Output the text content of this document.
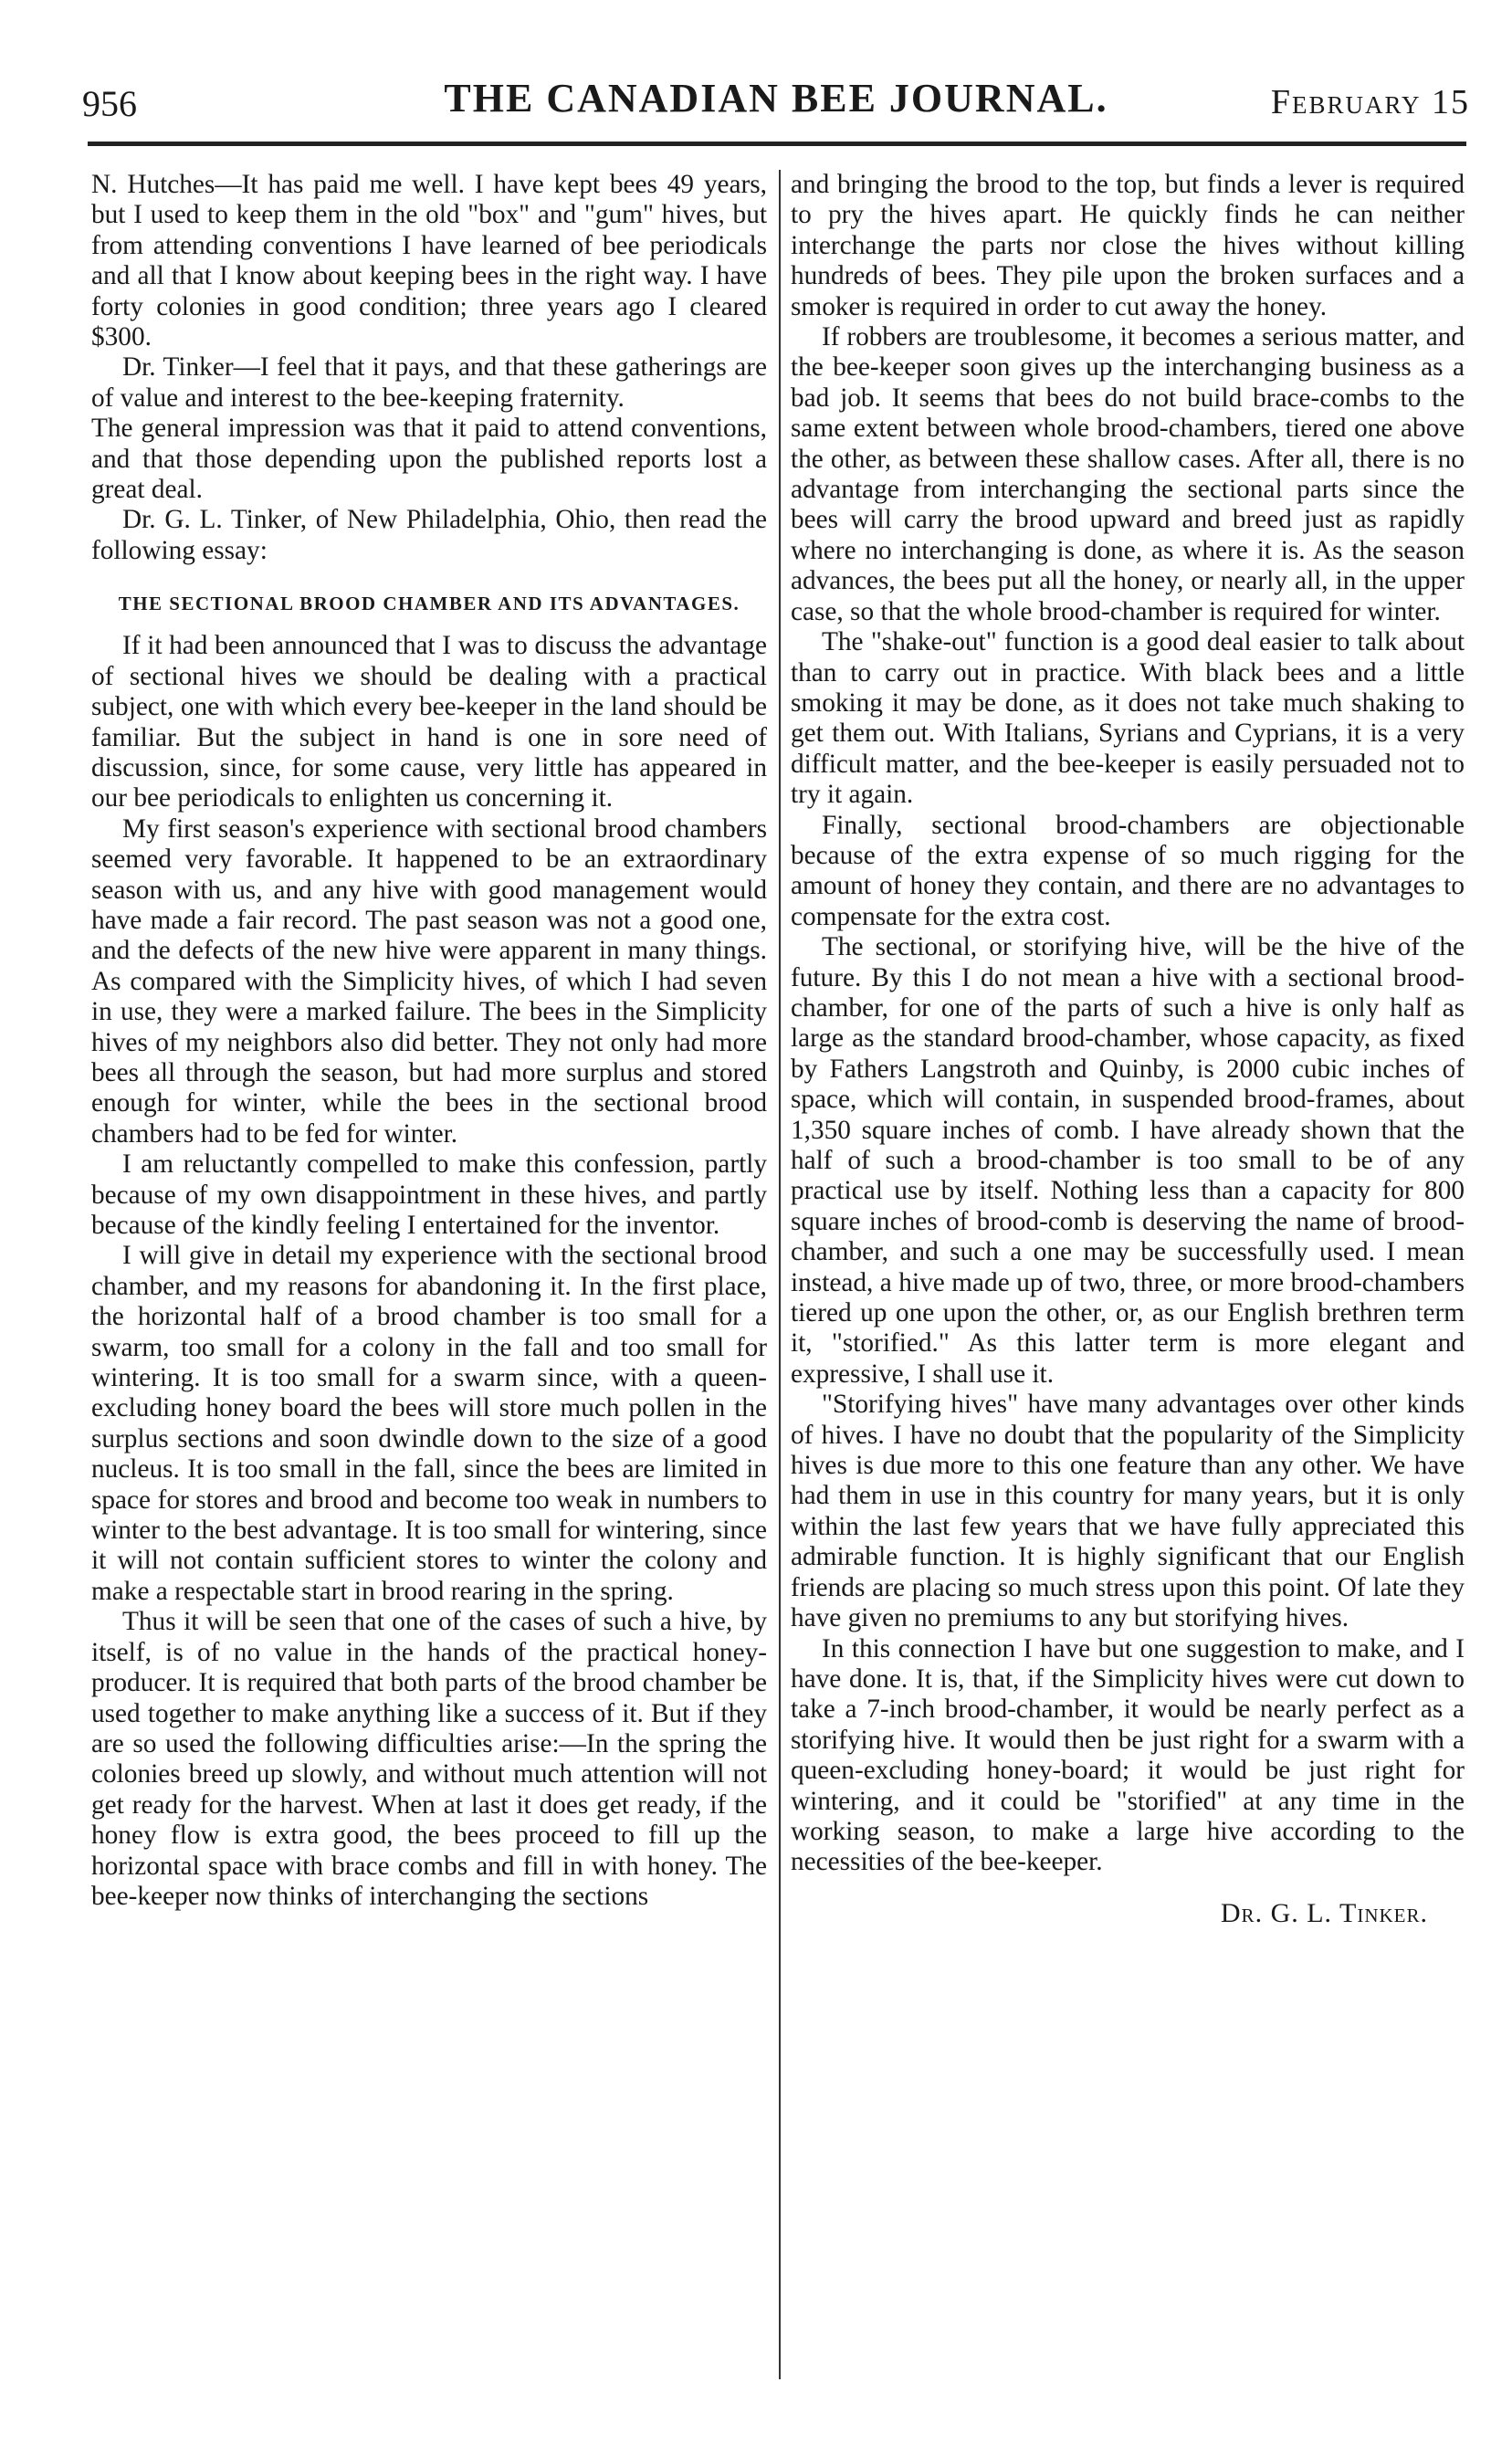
956	THE CANADIAN BEE JOURNAL.	February 15

N. Hutches—It has paid me well. I have kept bees 49 years, but I used to keep them in the old "box" and "gum" hives, but from attending conventions I have learned of bee periodicals and all that I know about keeping bees in the right way. I have forty colonies in good condition; three years ago I cleared $300.

Dr. Tinker—I feel that it pays, and that these gatherings are of value and interest to the bee-keeping fraternity.

The general impression was that it paid to attend conventions, and that those depending upon the published reports lost a great deal.

Dr. G. L. Tinker, of New Philadelphia, Ohio, then read the following essay:

THE SECTIONAL BROOD CHAMBER AND ITS ADVANTAGES.

If it had been announced that I was to discuss the advantage of sectional hives we should be dealing with a practical subject, one with which every bee-keeper in the land should be familiar. But the subject in hand is one in sore need of discussion, since, for some cause, very little has appeared in our bee periodicals to enlighten us concerning it.

My first season's experience with sectional brood chambers seemed very favorable. It happened to be an extraordinary season with us, and any hive with good management would have made a fair record. The past season was not a good one, and the defects of the new hive were apparent in many things. As compared with the Simplicity hives, of which I had seven in use, they were a marked failure. The bees in the Simplicity hives of my neighbors also did better. They not only had more bees all through the season, but had more surplus and stored enough for winter, while the bees in the sectional brood chambers had to be fed for winter.

I am reluctantly compelled to make this confession, partly because of my own disappointment in these hives, and partly because of the kindly feeling I entertained for the inventor.

I will give in detail my experience with the sectional brood chamber, and my reasons for abandoning it. In the first place, the horizontal half of a brood chamber is too small for a swarm, too small for a colony in the fall and too small for wintering. It is too small for a swarm since, with a queen-excluding honey board the bees will store much pollen in the surplus sections and soon dwindle down to the size of a good nucleus. It is too small in the fall, since the bees are limited in space for stores and brood and become too weak in numbers to winter to the best advantage. It is too small for wintering, since it will not contain sufficient stores to winter the colony and make a respectable start in brood rearing in the spring.

Thus it will be seen that one of the cases of such a hive, by itself, is of no value in the hands of the practical honey-producer. It is required that both parts of the brood chamber be used together to make anything like a success of it. But if they are so used the following difficulties arise:—In the spring the colonies breed up slowly, and without much attention will not get ready for the harvest. When at last it does get ready, if the honey flow is extra good, the bees proceed to fill up the horizontal space with brace combs and fill in with honey. The bee-keeper now thinks of interchanging the sections

and bringing the brood to the top, but finds a lever is required to pry the hives apart. He quickly finds he can neither interchange the parts nor close the hives without killing hundreds of bees. They pile upon the broken surfaces and a smoker is required in order to cut away the honey.

If robbers are troublesome, it becomes a serious matter, and the bee-keeper soon gives up the interchanging business as a bad job. It seems that bees do not build brace-combs to the same extent between whole brood-chambers, tiered one above the other, as between these shallow cases. After all, there is no advantage from interchanging the sectional parts since the bees will carry the brood upward and breed just as rapidly where no interchanging is done, as where it is. As the season advances, the bees put all the honey, or nearly all, in the upper case, so that the whole brood-chamber is required for winter.

The "shake-out" function is a good deal easier to talk about than to carry out in practice. With black bees and a little smoking it may be done, as it does not take much shaking to get them out. With Italians, Syrians and Cyprians, it is a very difficult matter, and the bee-keeper is easily persuaded not to try it again.

Finally, sectional brood-chambers are objectionable because of the extra expense of so much rigging for the amount of honey they contain, and there are no advantages to compensate for the extra cost.

The sectional, or storifying hive, will be the hive of the future. By this I do not mean a hive with a sectional brood-chamber, for one of the parts of such a hive is only half as large as the standard brood-chamber, whose capacity, as fixed by Fathers Langstroth and Quinby, is 2000 cubic inches of space, which will contain, in suspended brood-frames, about 1,350 square inches of comb. I have already shown that the half of such a brood-chamber is too small to be of any practical use by itself. Nothing less than a capacity for 800 square inches of brood-comb is deserving the name of brood-chamber, and such a one may be successfully used. I mean instead, a hive made up of two, three, or more brood-chambers tiered up one upon the other, or, as our English brethren term it, "storified." As this latter term is more elegant and expressive, I shall use it.

"Storifying hives" have many advantages over other kinds of hives. I have no doubt that the popularity of the Simplicity hives is due more to this one feature than any other. We have had them in use in this country for many years, but it is only within the last few years that we have fully appreciated this admirable function. It is highly significant that our English friends are placing so much stress upon this point. Of late they have given no premiums to any but storifying hives.

In this connection I have but one suggestion to make, and I have done. It is, that, if the Simplicity hives were cut down to take a 7-inch brood-chamber, it would be nearly perfect as a storifying hive. It would then be just right for a swarm with a queen-excluding honey-board; it would be just right for wintering, and it could be "storified" at any time in the working season, to make a large hive according to the necessities of the bee-keeper.

Dr. G. L. Tinker.
